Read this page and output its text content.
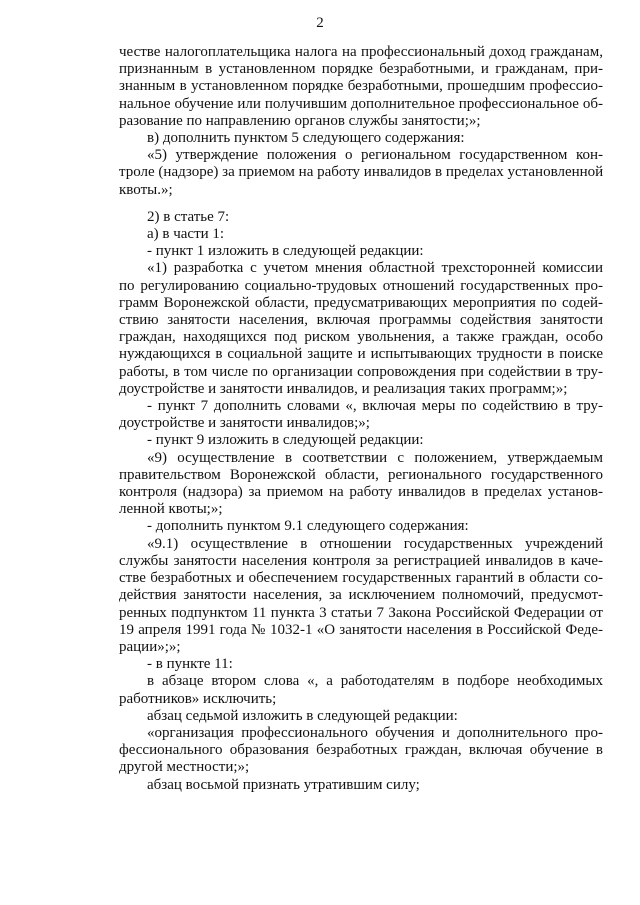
2
честве налогоплательщика налога на профессиональный доход гражданам,
признанным в установленном порядке безработными, и гражданам, при-
знанным в установленном порядке безработными, прошедшим профессио-
нальное обучение или получившим дополнительное профессиональное об-
разование по направлению органов службы занятости;»;
в) дополнить пунктом 5 следующего содержания:
«5) утверждение положения о региональном государственном кон-
троле (надзоре) за приемом на работу инвалидов в пределах установленной
квоты.»;
2) в статье 7:
а) в части 1:
- пункт 1 изложить в следующей редакции:
«1) разработка с учетом мнения областной трехсторонней комиссии
по регулированию социально-трудовых отношений государственных про-
грамм Воронежской области, предусматривающих мероприятия по содей-
ствию занятости населения, включая программы содействия занятости
граждан, находящихся под риском увольнения, а также граждан, особо
нуждающихся в социальной защите и испытывающих трудности в поиске
работы, в том числе по организации сопровождения при содействии в тру-
доустройстве и занятости инвалидов, и реализация таких программ;»;
- пункт 7 дополнить словами «, включая меры по содействию в тру-
доустройстве и занятости инвалидов;»;
- пункт 9 изложить в следующей редакции:
«9) осуществление в соответствии с положением, утверждаемым
правительством Воронежской области, регионального государственного
контроля (надзора) за приемом на работу инвалидов в пределах установ-
ленной квоты;»;
- дополнить пунктом 9.1 следующего содержания:
«9.1) осуществление в отношении государственных учреждений
службы занятости населения контроля за регистрацией инвалидов в каче-
стве безработных и обеспечением государственных гарантий в области со-
действия занятости населения, за исключением полномочий, предусмот-
ренных подпунктом 11 пункта 3 статьи 7 Закона Российской Федерации от
19 апреля 1991 года № 1032-1 «О занятости населения в Российской Феде-
рации»;»;
- в пункте 11:
в абзаце втором слова «, а работодателям в подборе необходимых
работников» исключить;
абзац седьмой изложить в следующей редакции:
«организация профессионального обучения и дополнительного про-
фессионального образования безработных граждан, включая обучение в
другой местности;»;
абзац восьмой признать утратившим силу;
